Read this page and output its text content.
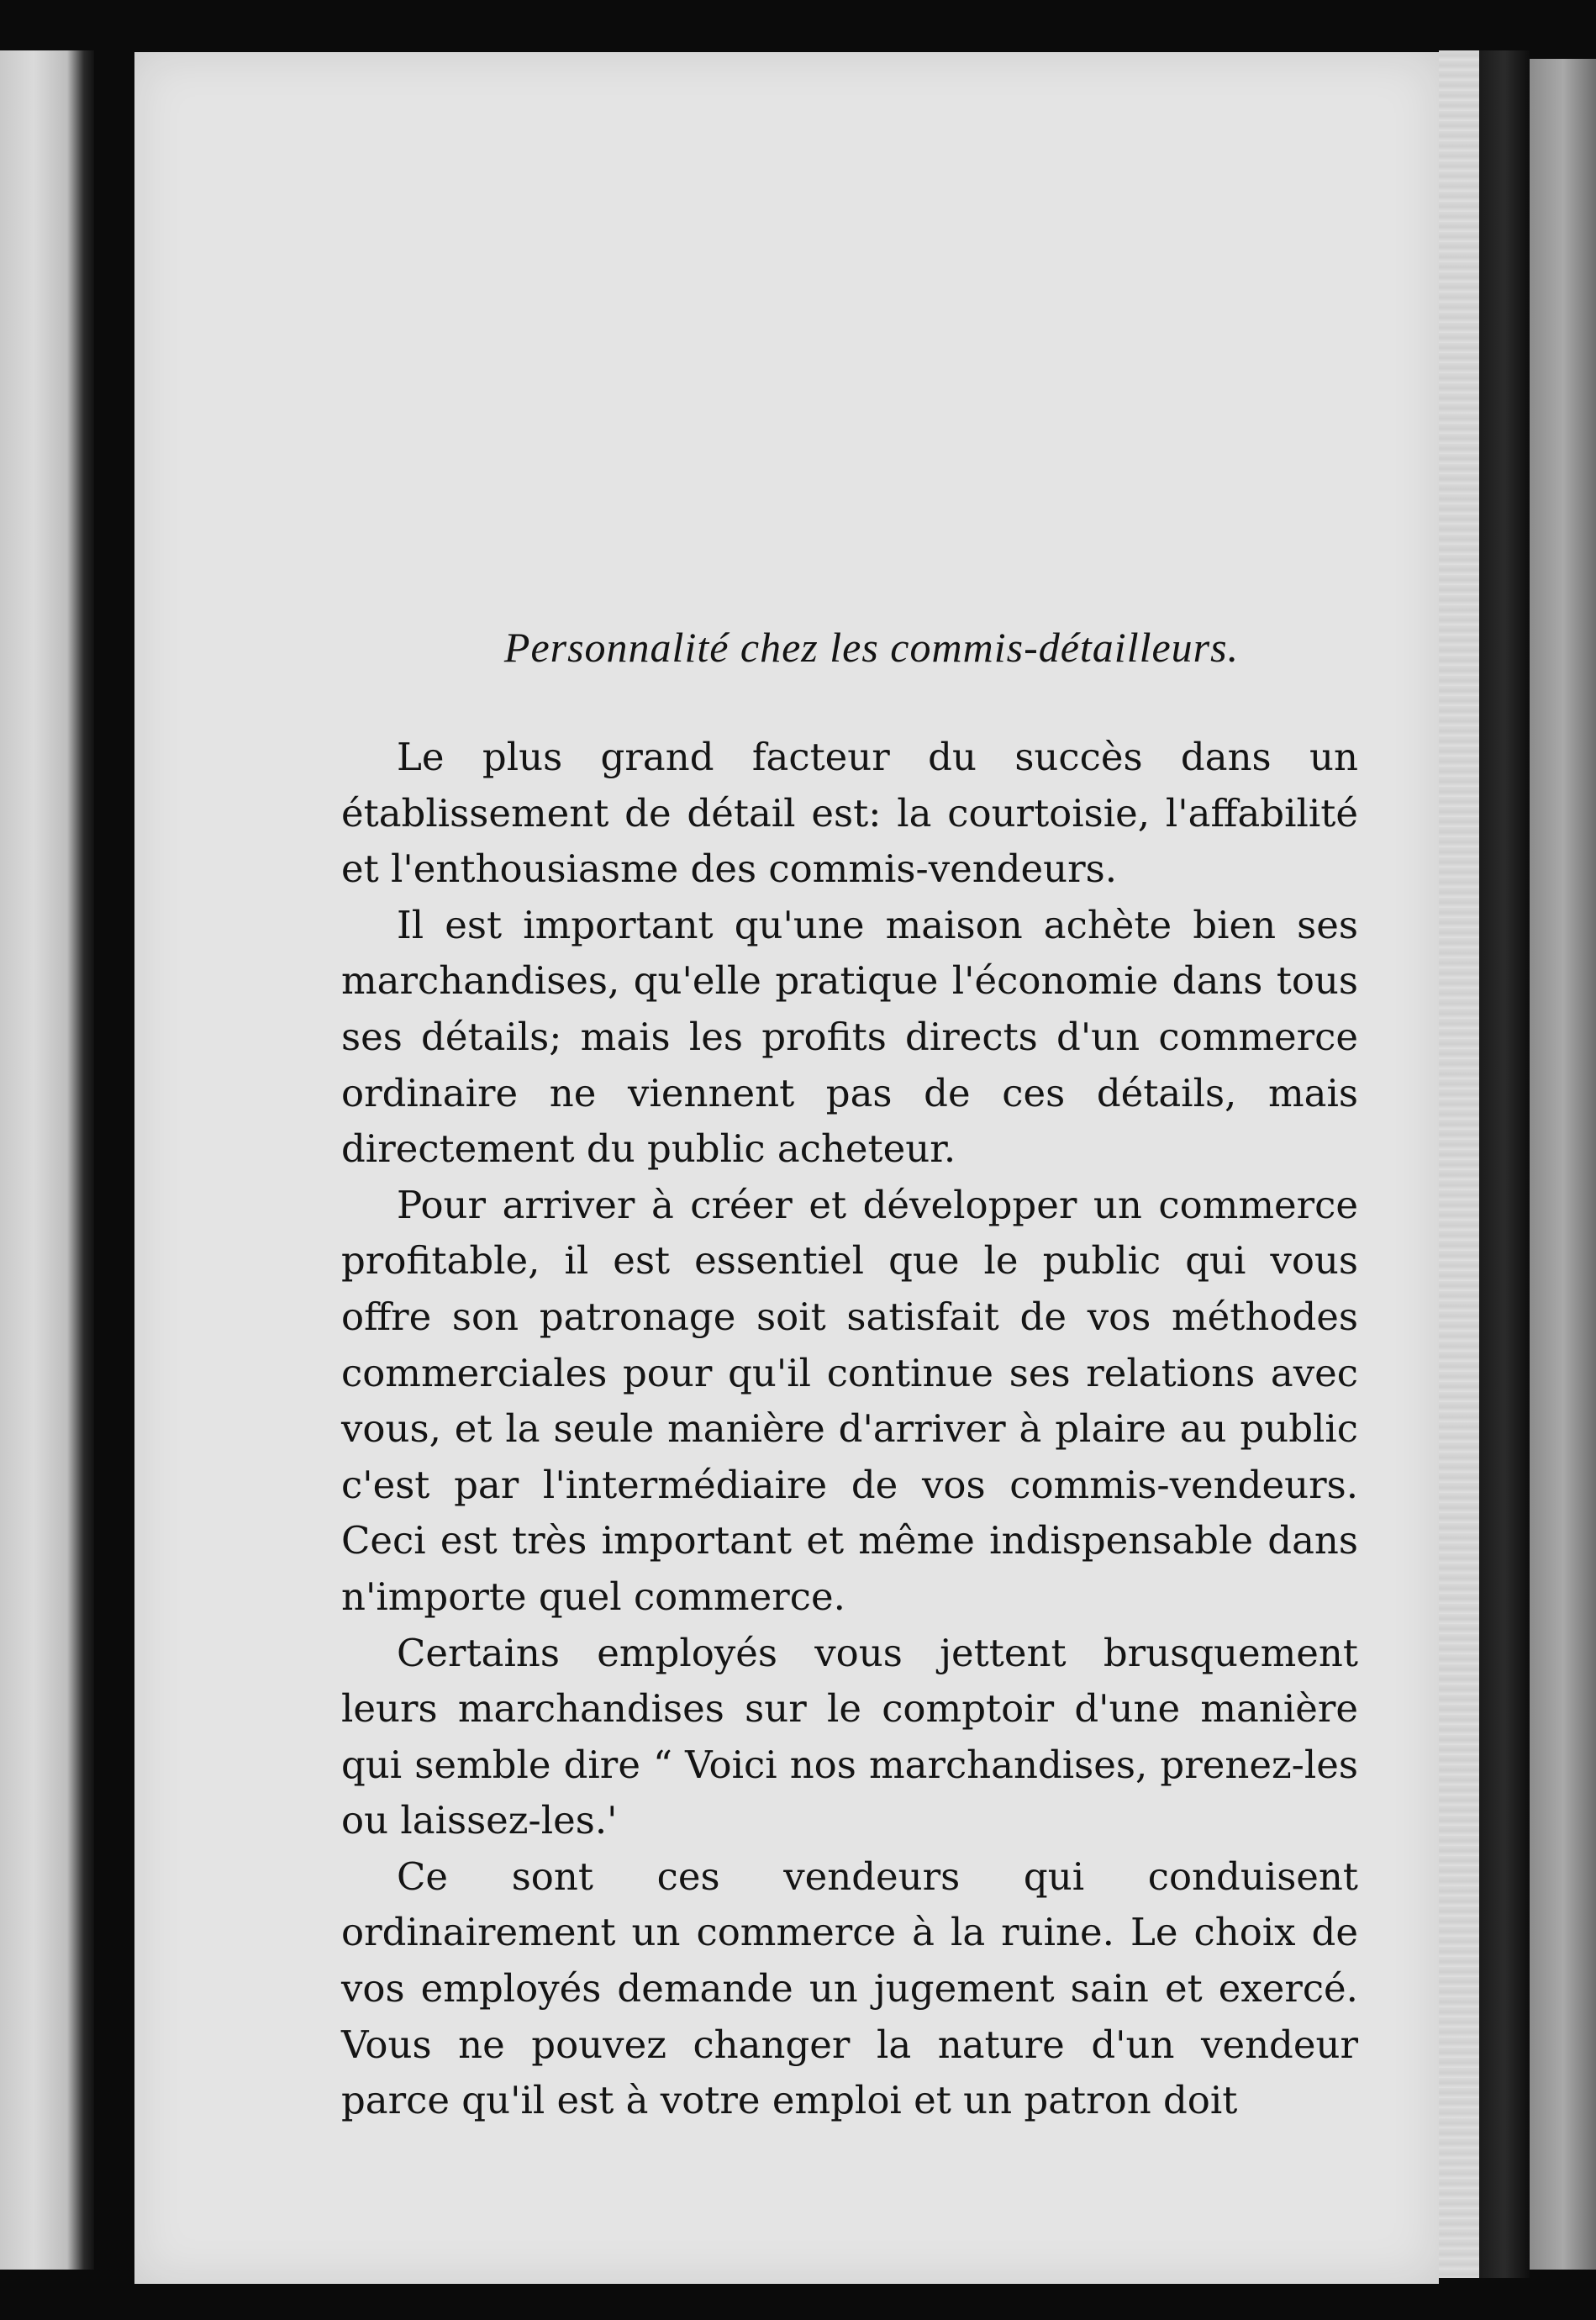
Personnalité chez les commis-détailleurs.

Le plus grand facteur du succès dans un établissement de détail est: la courtoisie, l'affabilité et l'enthousiasme des commis-vendeurs.

Il est important qu'une maison achète bien ses marchandises, qu'elle pratique l'économie dans tous ses détails; mais les profits directs d'un commerce ordinaire ne viennent pas de ces détails, mais directement du public acheteur.

Pour arriver à créer et développer un commerce profitable, il est essentiel que le public qui vous offre son patronage soit satisfait de vos méthodes commerciales pour qu'il continue ses relations avec vous, et la seule manière d'arriver à plaire au public c'est par l'intermédiaire de vos commis-vendeurs. Ceci est très important et même indispensable dans n'importe quel commerce.

Certains employés vous jettent brusquement leurs marchandises sur le comptoir d'une manière qui semble dire “ Voici nos marchandises, prenez-les ou laissez-les.'

Ce sont ces vendeurs qui conduisent ordinairement un commerce à la ruine. Le choix de vos employés demande un jugement sain et exercé. Vous ne pouvez changer la nature d'un vendeur parce qu'il est à votre emploi et un patron doit
